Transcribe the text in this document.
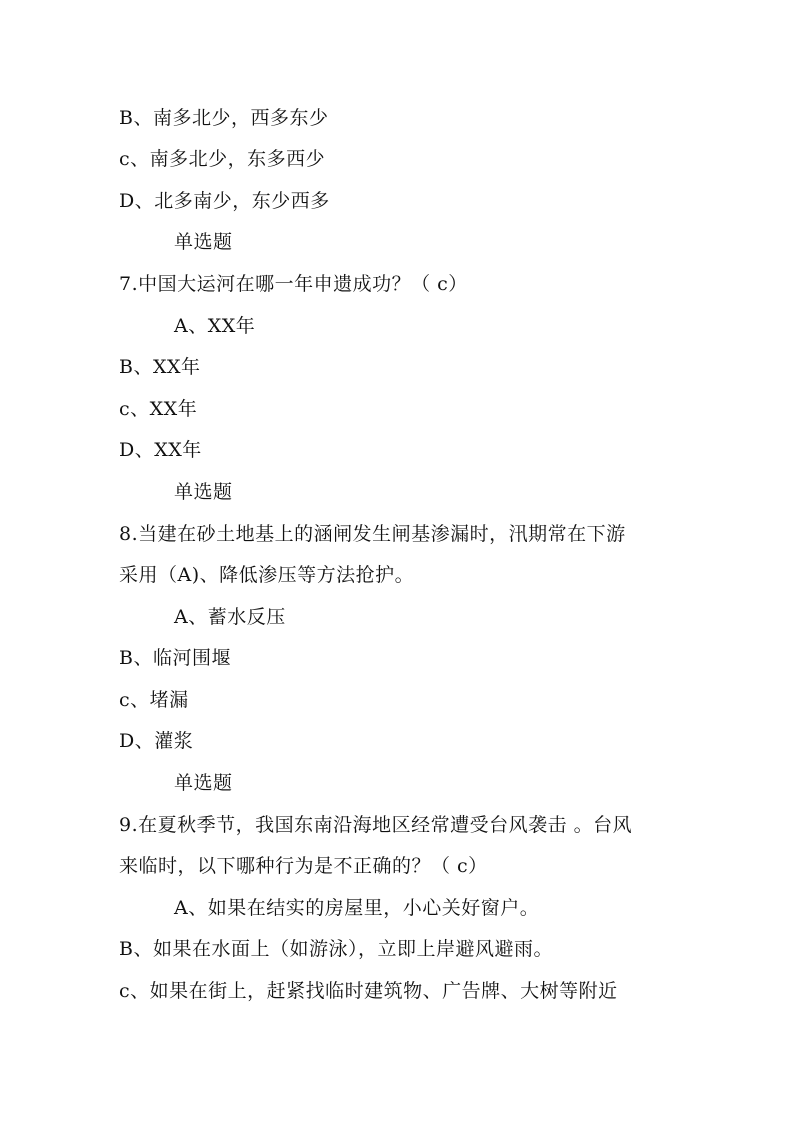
B、南多北少，西多东少
c、南多北少，东多西少
D、北多南少，东少西多
单选题
7.中国大运河在哪一年申遗成功？（ c）
A、XX年
B、XX年
c、XX年
D、XX年
单选题
8.当建在砂土地基上的涵闸发生闸基渗漏时，汛期常在下游
采用（A)、降低渗压等方法抢护。
A、蓄水反压
B、临河围堰
c、堵漏
D、灌浆
单选题
9.在夏秋季节，我国东南沿海地区经常遭受台风袭击 。台风
来临时，以下哪种行为是不正确的？（ c）
A、如果在结实的房屋里，小心关好窗户。
B、如果在水面上（如游泳），立即上岸避风避雨。
c、如果在街上，赶紧找临时建筑物、广告牌、大树等附近
